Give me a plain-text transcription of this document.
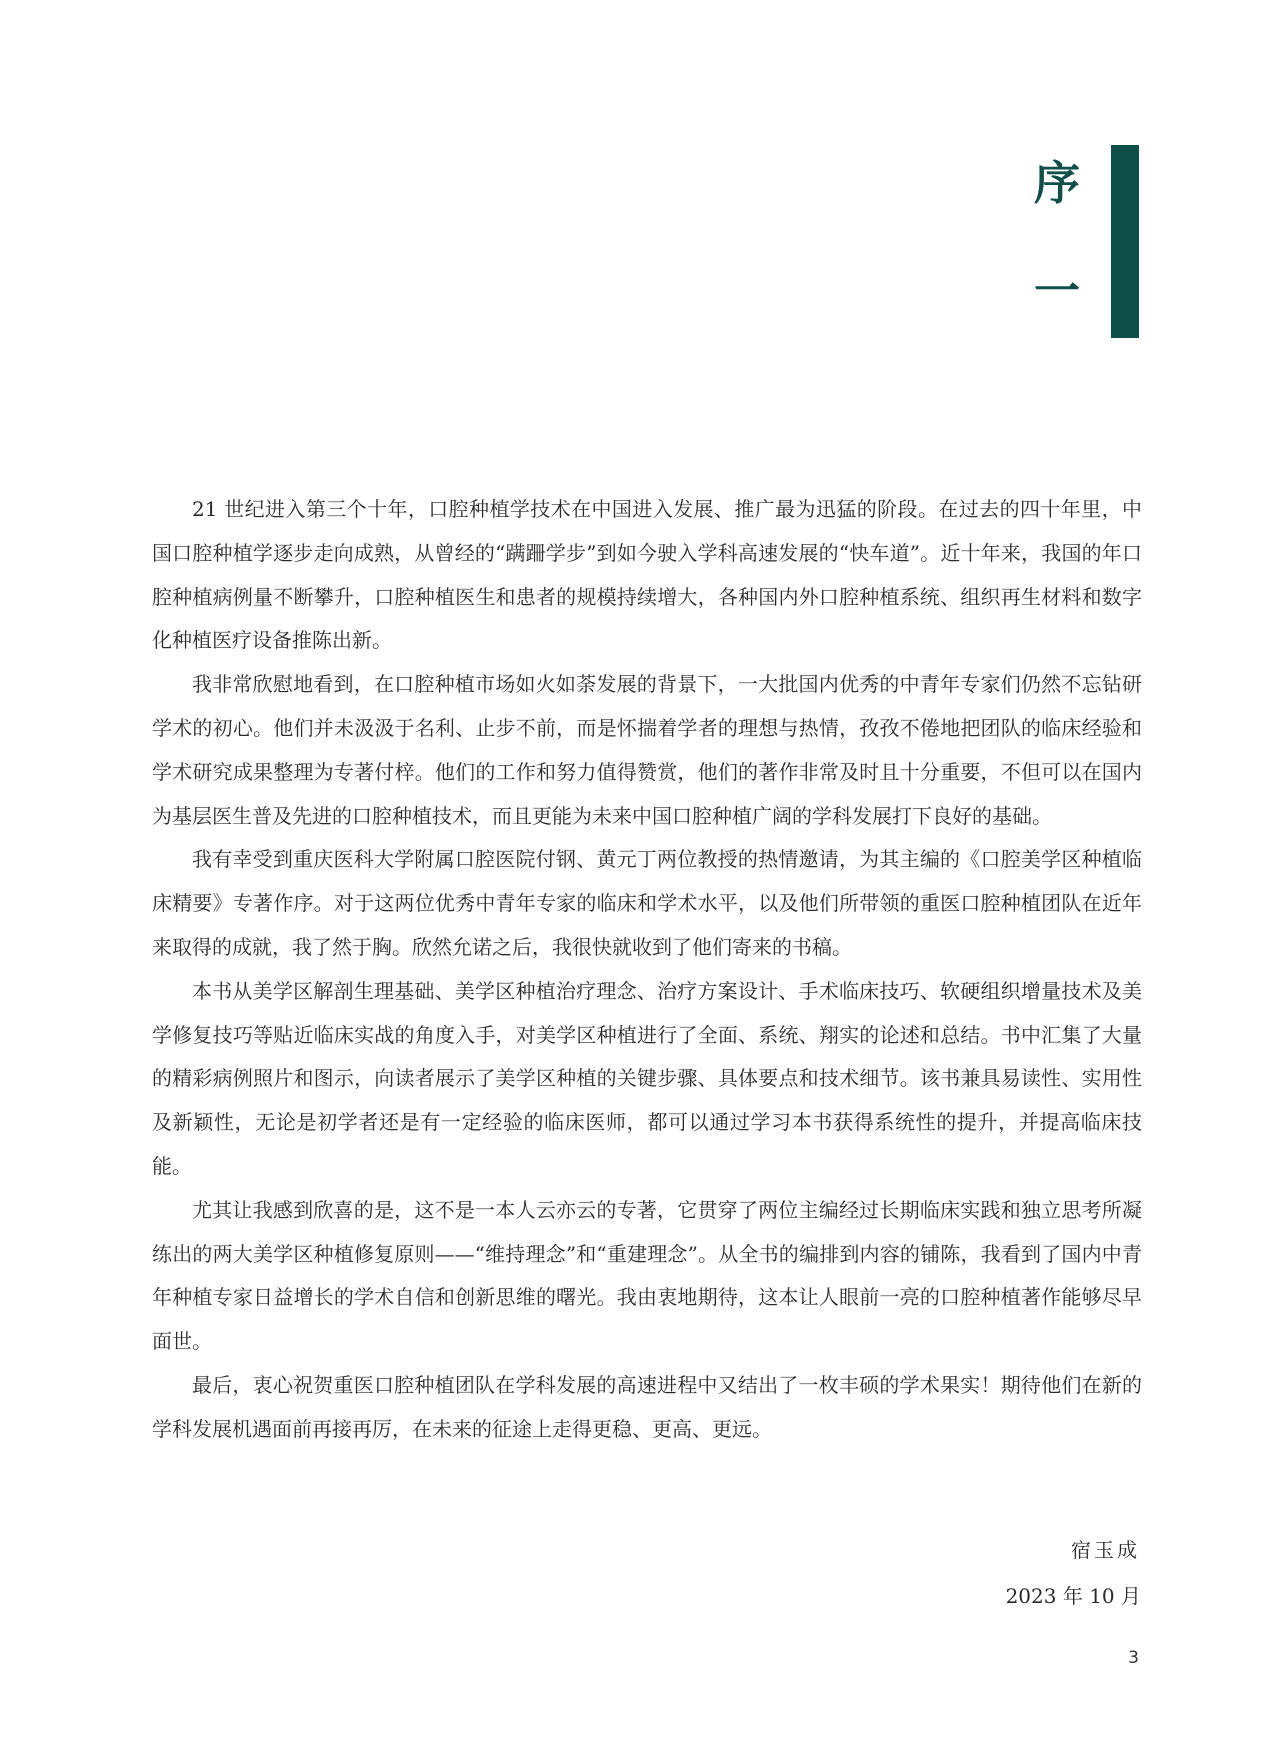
序
一

21 世纪进入第三个十年，口腔种植学技术在中国进入发展、推广最为迅猛的阶段。在过去的四十年里，中国口腔种植学逐步走向成熟，从曾经的“蹒跚学步”到如今驶入学科高速发展的“快车道”。近十年来，我国的年口腔种植病例量不断攀升，口腔种植医生和患者的规模持续增大，各种国内外口腔种植系统、组织再生材料和数字化种植医疗设备推陈出新。

我非常欣慰地看到，在口腔种植市场如火如荼发展的背景下，一大批国内优秀的中青年专家们仍然不忘钻研学术的初心。他们并未汲汲于名利、止步不前，而是怀揣着学者的理想与热情，孜孜不倦地把团队的临床经验和学术研究成果整理为专著付梓。他们的工作和努力值得赞赏，他们的著作非常及时且十分重要，不但可以在国内为基层医生普及先进的口腔种植技术，而且更能为未来中国口腔种植广阔的学科发展打下良好的基础。

我有幸受到重庆医科大学附属口腔医院付钢、黄元丁两位教授的热情邀请，为其主编的《口腔美学区种植临床精要》专著作序。对于这两位优秀中青年专家的临床和学术水平，以及他们所带领的重医口腔种植团队在近年来取得的成就，我了然于胸。欣然允诺之后，我很快就收到了他们寄来的书稿。

本书从美学区解剖生理基础、美学区种植治疗理念、治疗方案设计、手术临床技巧、软硬组织增量技术及美学修复技巧等贴近临床实战的角度入手，对美学区种植进行了全面、系统、翔实的论述和总结。书中汇集了大量的精彩病例照片和图示，向读者展示了美学区种植的关键步骤、具体要点和技术细节。该书兼具易读性、实用性及新颖性，无论是初学者还是有一定经验的临床医师，都可以通过学习本书获得系统性的提升，并提高临床技能。

尤其让我感到欣喜的是，这不是一本人云亦云的专著，它贯穿了两位主编经过长期临床实践和独立思考所凝练出的两大美学区种植修复原则——“维持理念”和“重建理念”。从全书的编排到内容的铺陈，我看到了国内中青年种植专家日益增长的学术自信和创新思维的曙光。我由衷地期待，这本让人眼前一亮的口腔种植著作能够尽早面世。

最后，衷心祝贺重医口腔种植团队在学科发展的高速进程中又结出了一枚丰硕的学术果实！期待他们在新的学科发展机遇面前再接再厉，在未来的征途上走得更稳、更高、更远。

宿玉成
2023 年 10 月
3
